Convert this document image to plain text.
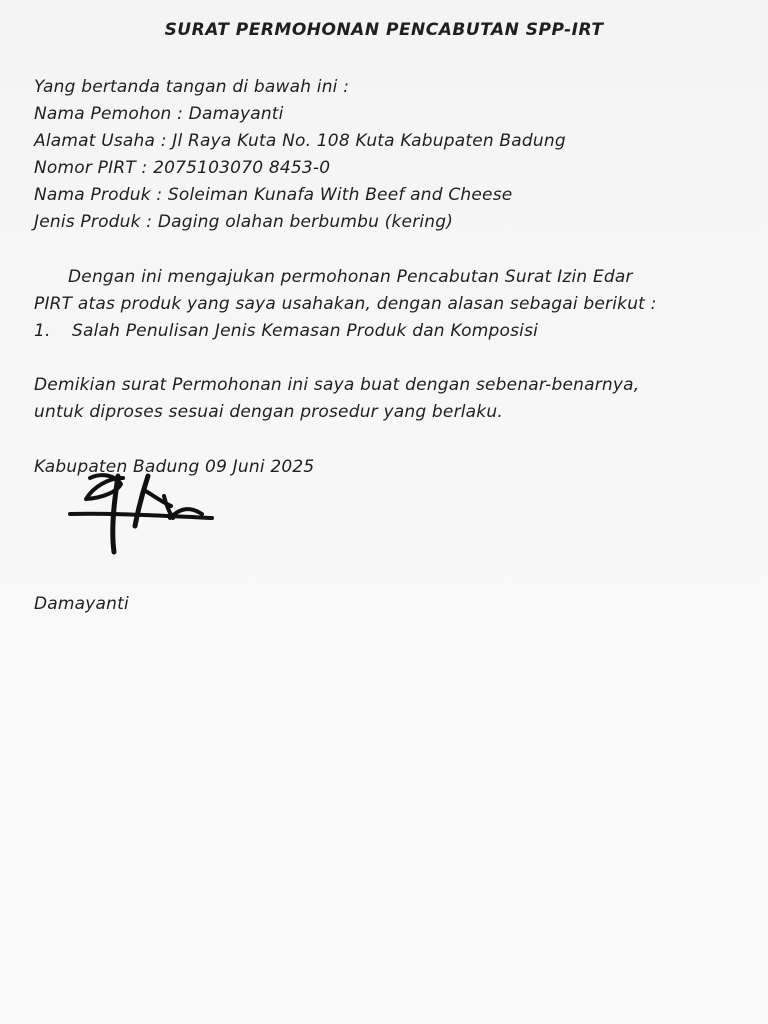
SURAT PERMOHONAN PENCABUTAN SPP-IRT
Yang bertanda tangan di bawah ini :
Nama Pemohon : Damayanti
Alamat Usaha : Jl Raya Kuta No. 108 Kuta Kabupaten Badung
Nomor PIRT : 2075103070 8453-0
Nama Produk : Soleiman Kunafa With Beef and Cheese
Jenis Produk : Daging olahan berbumbu (kering)
Dengan ini mengajukan permohonan Pencabutan Surat Izin Edar
PIRT atas produk yang saya usahakan, dengan alasan sebagai berikut :
1. Salah Penulisan Jenis Kemasan Produk dan Komposisi
Demikian surat Permohonan ini saya buat dengan sebenar-benarnya,
untuk diproses sesuai dengan prosedur yang berlaku.
Kabupaten Badung 09 Juni 2025
Damayanti
